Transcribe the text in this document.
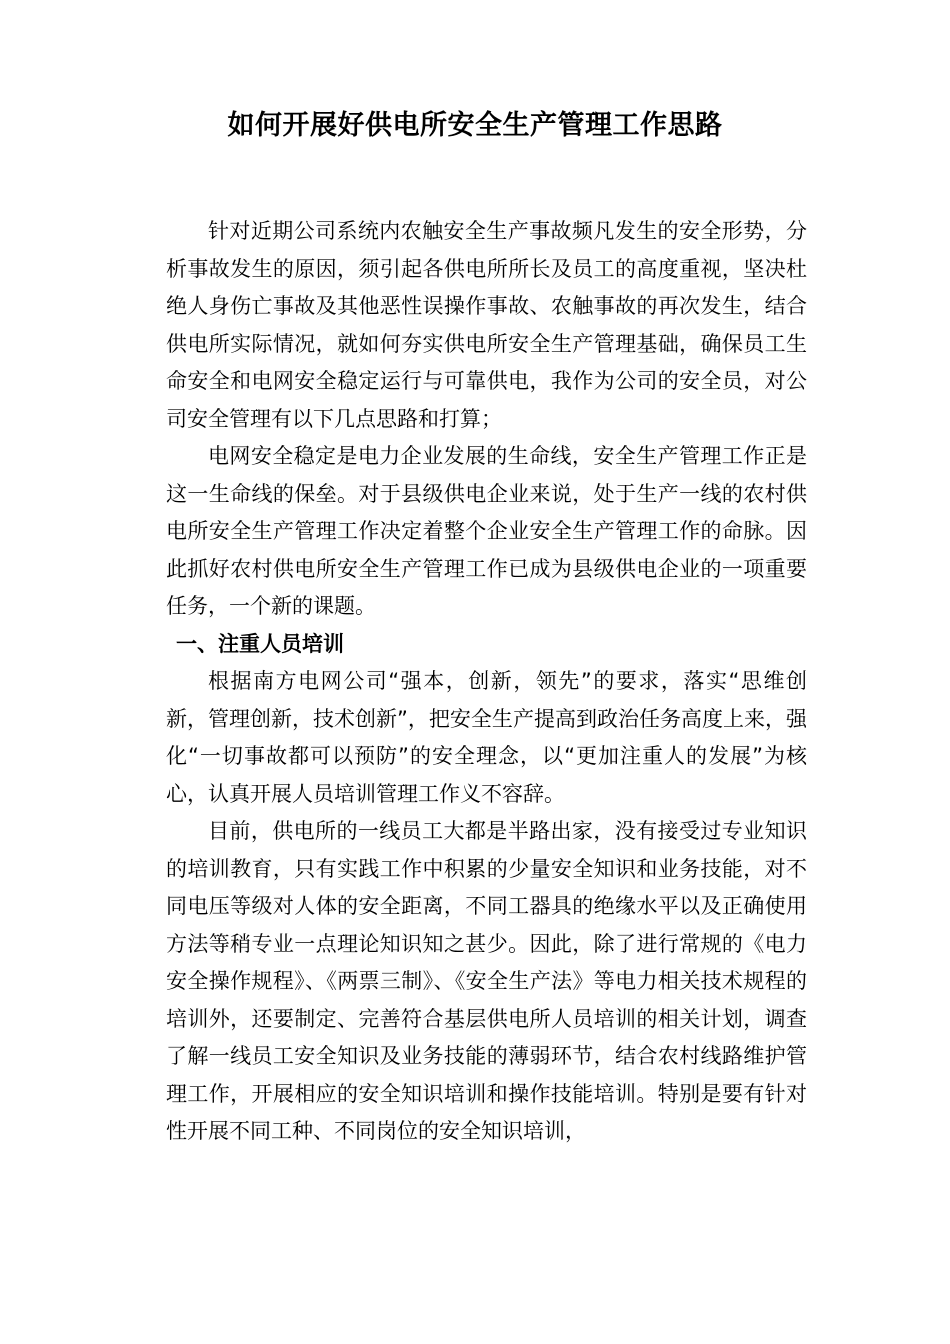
如何开展好供电所安全生产管理工作思路

针对近期公司系统内农触安全生产事故频凡发生的安全形势，分析事故发生的原因，须引起各供电所所长及员工的高度重视，坚决杜绝人身伤亡事故及其他恶性误操作事故、农触事故的再次发生，结合供电所实际情况，就如何夯实供电所安全生产管理基础，确保员工生命安全和电网安全稳定运行与可靠供电，我作为公司的安全员，对公司安全管理有以下几点思路和打算；

电网安全稳定是电力企业发展的生命线，安全生产管理工作正是这一生命线的保垒。对于县级供电企业来说，处于生产一线的农村供电所安全生产管理工作决定着整个企业安全生产管理工作的命脉。因此抓好农村供电所安全生产管理工作已成为县级供电企业的一项重要任务，一个新的课题。

一、注重人员培训

根据南方电网公司“强本，创新，领先”的要求，落实“思维创新，管理创新，技术创新”，把安全生产提高到政治任务高度上来，强化“一切事故都可以预防”的安全理念，以“更加注重人的发展”为核心，认真开展人员培训管理工作义不容辞。

目前，供电所的一线员工大都是半路出家，没有接受过专业知识的培训教育，只有实践工作中积累的少量安全知识和业务技能，对不同电压等级对人体的安全距离，不同工器具的绝缘水平以及正确使用方法等稍专业一点理论知识知之甚少。因此，除了进行常规的《电力安全操作规程》、《两票三制》、《安全生产法》等电力相关技术规程的培训外，还要制定、完善符合基层供电所人员培训的相关计划，调查了解一线员工安全知识及业务技能的薄弱环节，结合农村线路维护管理工作，开展相应的安全知识培训和操作技能培训。特别是要有针对性开展不同工种、不同岗位的安全知识培训，
